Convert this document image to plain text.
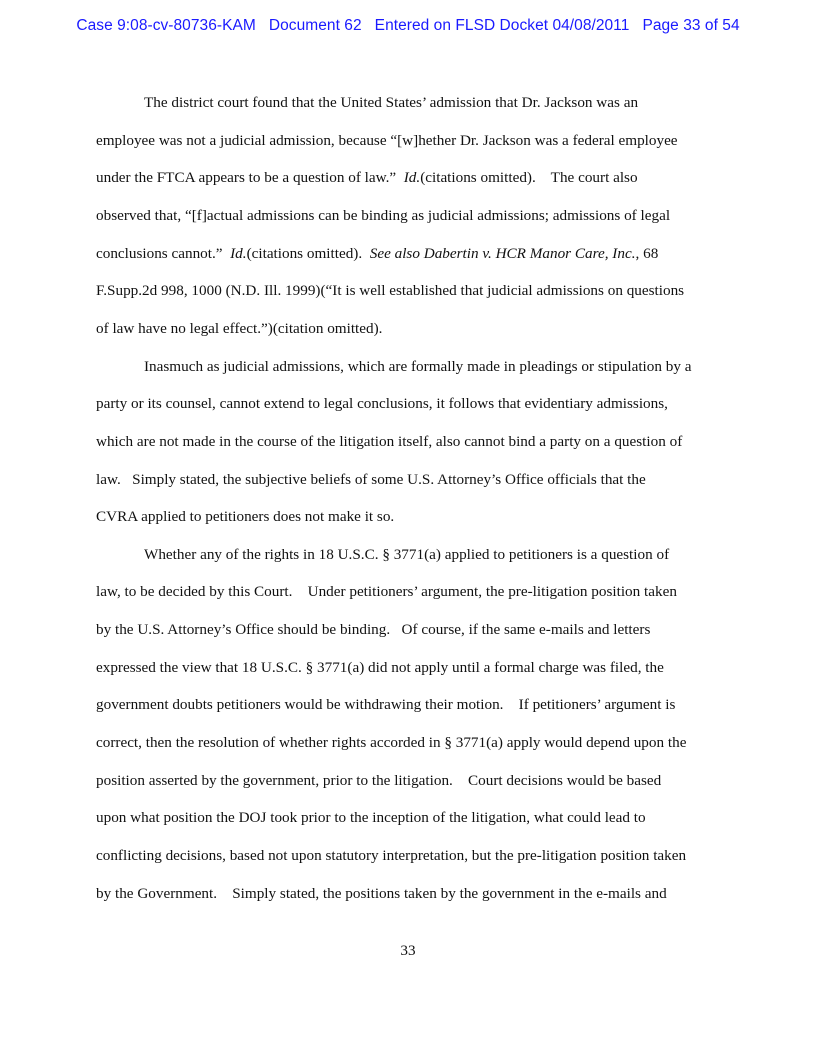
Case 9:08-cv-80736-KAM   Document 62   Entered on FLSD Docket 04/08/2011   Page 33 of 54
The district court found that the United States’ admission that Dr. Jackson was an
employee was not a judicial admission, because “[w]hether Dr. Jackson was a federal employee
under the FTCA appears to be a question of law.”  Id.(citations omitted).    The court also
observed that, “[f]actual admissions can be binding as judicial admissions; admissions of legal
conclusions cannot.”  Id.(citations omitted).  See also Dabertin v. HCR Manor Care, Inc., 68
F.Supp.2d 998, 1000 (N.D. Ill. 1999)(“It is well established that judicial admissions on questions
of law have no legal effect.”)(citation omitted).
Inasmuch as judicial admissions, which are formally made in pleadings or stipulation by a
party or its counsel, cannot extend to legal conclusions, it follows that evidentiary admissions,
which are not made in the course of the litigation itself, also cannot bind a party on a question of
law.   Simply stated, the subjective beliefs of some U.S. Attorney’s Office officials that the
CVRA applied to petitioners does not make it so.
Whether any of the rights in 18 U.S.C. § 3771(a) applied to petitioners is a question of
law, to be decided by this Court.    Under petitioners’ argument, the pre-litigation position taken
by the U.S. Attorney’s Office should be binding.   Of course, if the same e-mails and letters
expressed the view that 18 U.S.C. § 3771(a) did not apply until a formal charge was filed, the
government doubts petitioners would be withdrawing their motion.    If petitioners’ argument is
correct, then the resolution of whether rights accorded in § 3771(a) apply would depend upon the
position asserted by the government, prior to the litigation.    Court decisions would be based
upon what position the DOJ took prior to the inception of the litigation, what could lead to
conflicting decisions, based not upon statutory interpretation, but the pre-litigation position taken
by the Government.    Simply stated, the positions taken by the government in the e-mails and
33
